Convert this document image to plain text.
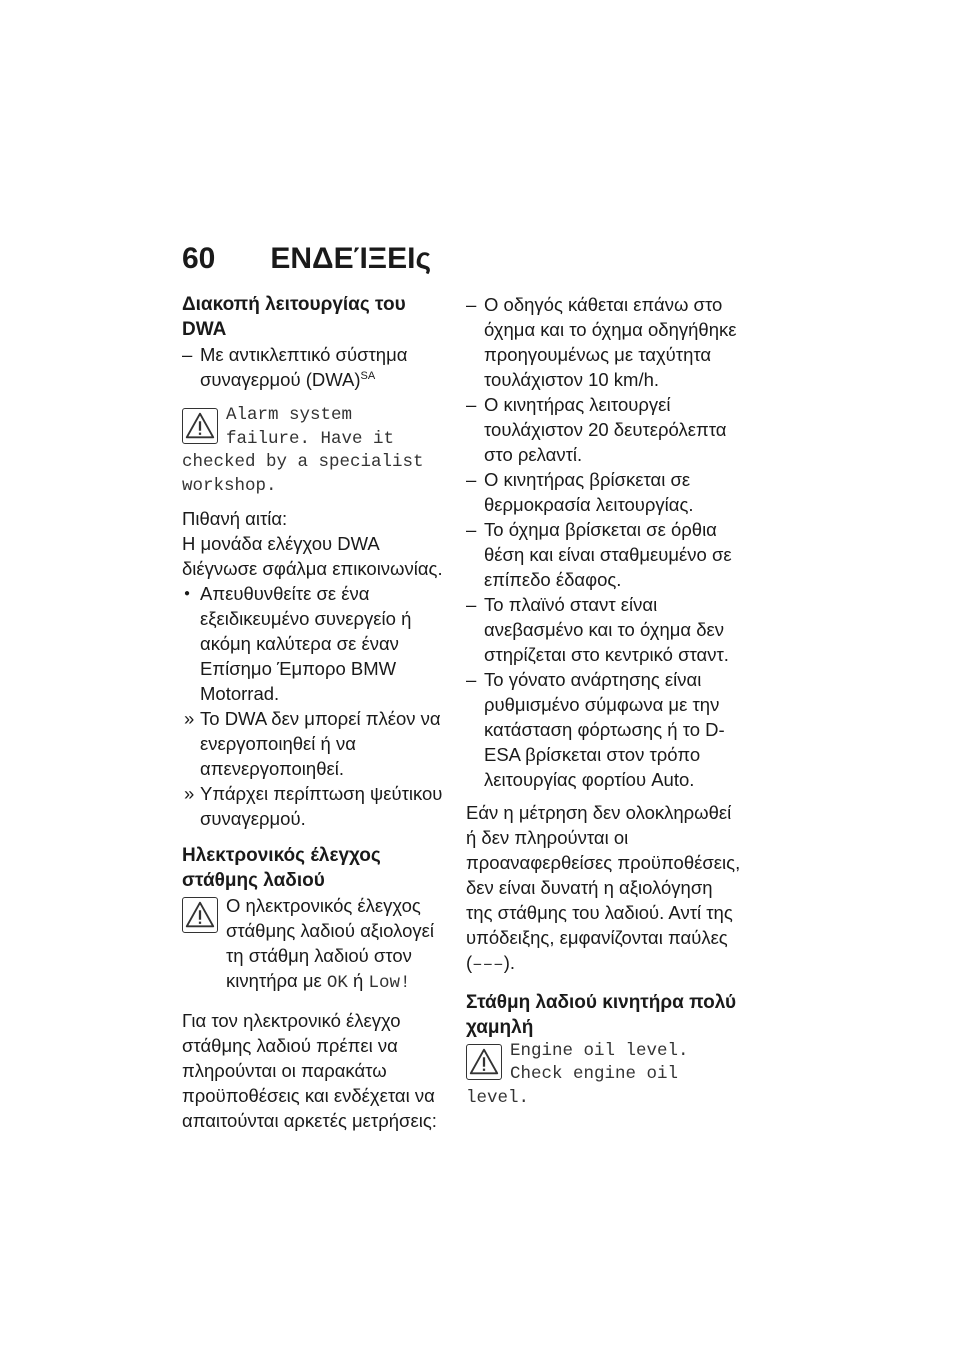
60 ΕΝΔΕΊΞΕΙς

Διακοπή λειτουργίας του DWA

– Με αντικλεπτικό σύστημα συναγερμού (DWA)$^{SA}$

Alarm system
failure. Have it
checked by a specialist
workshop.

Πιθανή αιτία:

Η μονάδα ελέγχου DWA διέγνωσε σφάλμα επικοινωνίας.

● Απευθυνθείτε σε ένα εξειδικευμένο συνεργείο ή ακόμη καλύτερα σε έναν Επίσημο Έμπορο BMW Motorrad.

» Το DWA δεν μπορεί πλέον να ενεργοποιηθεί ή να απενεργοποιηθεί.

» Υπάρχει περίπτωση ψεύτικου συναγερμού.

Ηλεκτρονικός έλεγχος στάθμης λαδιού

Ο ηλεκτρονικός έλεγχος στάθμης λαδιού αξιολογεί τη στάθμη λαδιού στον κινητήρα με OK ή Low!

Για τον ηλεκτρονικό έλεγχο στάθμης λαδιού πρέπει να πληρούνται οι παρακάτω προϋποθέσεις και ενδέχεται να απαιτούνται αρκετές μετρήσεις:

– Ο οδηγός κάθεται επάνω στο όχημα και το όχημα οδηγήθηκε προηγουμένως με ταχύτητα τουλάχιστον 10 km/h.

– Ο κινητήρας λειτουργεί τουλάχιστον 20 δευτερόλεπτα στο ρελαντί.

– Ο κινητήρας βρίσκεται σε θερμοκρασία λειτουργίας.

– Το όχημα βρίσκεται σε όρθια θέση και είναι σταθμευμένο σε επίπεδο έδαφος.

– Το πλαϊνό σταντ είναι ανεβασμένο και το όχημα δεν στηρίζεται στο κεντρικό σταντ.

– Το γόνατο ανάρτησης είναι ρυθμισμένο σύμφωνα με την κατάσταση φόρτωσης ή το D-ESA βρίσκεται στον τρόπο λειτουργίας φορτίου Auto.

Εάν η μέτρηση δεν ολοκληρωθεί ή δεν πληρούνται οι προαναφερθείσες προϋποθέσεις, δεν είναι δυνατή η αξιολόγηση της στάθμης του λαδιού. Αντί της υπόδειξης, εμφανίζονται παύλες (–––).

Στάθμη λαδιού κινητήρα πολύ χαμηλή

Engine oil level.
Check engine oil
level.
